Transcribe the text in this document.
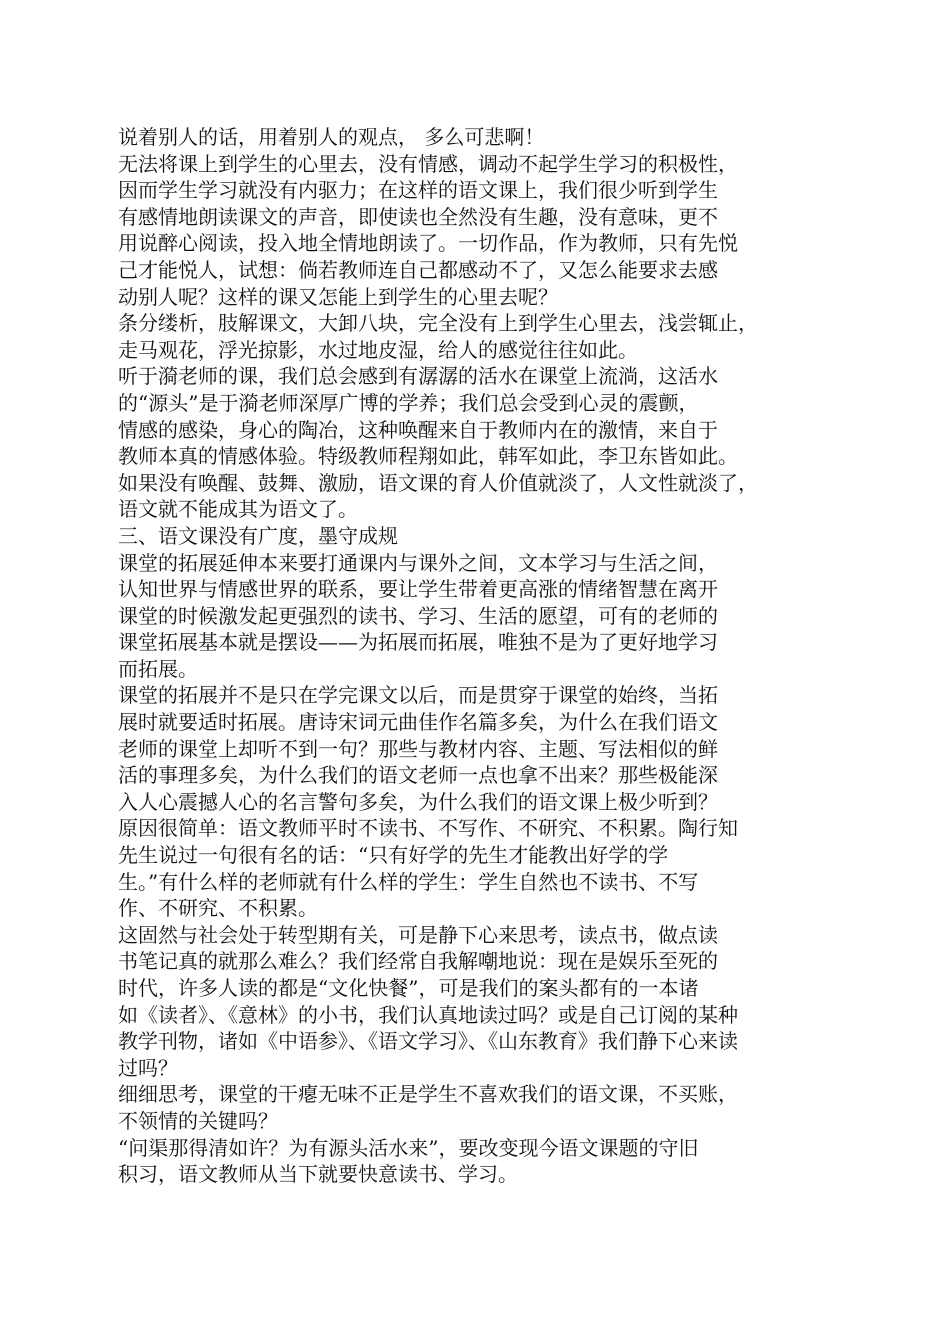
说着别人的话，用着别人的观点， 多么可悲啊！
无法将课上到学生的心里去，没有情感，调动不起学生学习的积极性，
因而学生学习就没有内驱力；在这样的语文课上，我们很少听到学生
有感情地朗读课文的声音，即使读也全然没有生趣，没有意味，更不
用说醉心阅读，投入地全情地朗读了。一切作品，作为教师，只有先悦
己才能悦人，试想：倘若教师连自己都感动不了，又怎么能要求去感
动别人呢？这样的课又怎能上到学生的心里去呢？
条分缕析，肢解课文，大卸八块，完全没有上到学生心里去，浅尝辄止，
走马观花，浮光掠影，水过地皮湿，给人的感觉往往如此。
听于漪老师的课，我们总会感到有潺潺的活水在课堂上流淌，这活水
的“源头”是于漪老师深厚广博的学养；我们总会受到心灵的震颤，
情感的感染，身心的陶冶，这种唤醒来自于教师内在的激情，来自于
教师本真的情感体验。特级教师程翔如此，韩军如此，李卫东皆如此。
如果没有唤醒、鼓舞、激励，语文课的育人价值就淡了，人文性就淡了，
语文就不能成其为语文了。
三、语文课没有广度，墨守成规
课堂的拓展延伸本来要打通课内与课外之间，文本学习与生活之间，
认知世界与情感世界的联系，要让学生带着更高涨的情绪智慧在离开
课堂的时候激发起更强烈的读书、学习、生活的愿望，可有的老师的
课堂拓展基本就是摆设——为拓展而拓展，唯独不是为了更好地学习
而拓展。
课堂的拓展并不是只在学完课文以后，而是贯穿于课堂的始终，当拓
展时就要适时拓展。唐诗宋词元曲佳作名篇多矣，为什么在我们语文
老师的课堂上却听不到一句？那些与教材内容、主题、写法相似的鲜
活的事理多矣，为什么我们的语文老师一点也拿不出来？那些极能深
入人心震撼人心的名言警句多矣，为什么我们的语文课上极少听到？
原因很简单：语文教师平时不读书、不写作、不研究、不积累。陶行知
先生说过一句很有名的话：“只有好学的先生才能教出好学的学
生。”有什么样的老师就有什么样的学生：学生自然也不读书、不写
作、不研究、不积累。
这固然与社会处于转型期有关，可是静下心来思考，读点书，做点读
书笔记真的就那么难么？我们经常自我解嘲地说：现在是娱乐至死的
时代，许多人读的都是“文化快餐”，可是我们的案头都有的一本诸
如《读者》、《意林》的小书，我们认真地读过吗？或是自己订阅的某种
教学刊物，诸如《中语参》、《语文学习》、《山东教育》我们静下心来读
过吗？
细细思考，课堂的干瘪无味不正是学生不喜欢我们的语文课，不买账，
不领情的关键吗？
“问渠那得清如许？为有源头活水来”，要改变现今语文课题的守旧
积习，语文教师从当下就要快意读书、学习。
